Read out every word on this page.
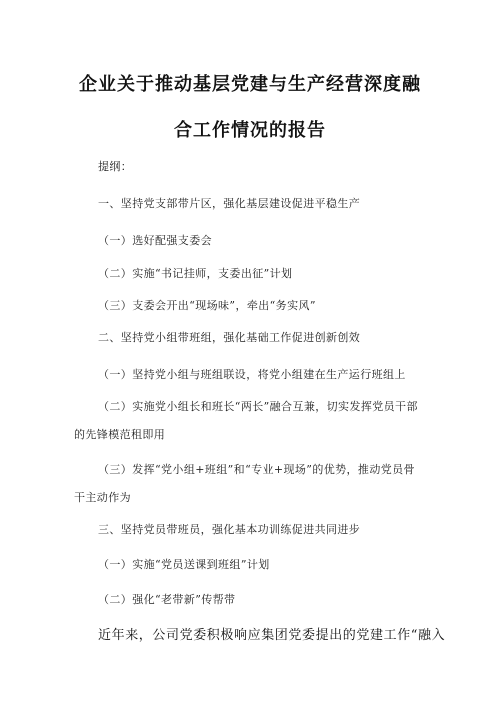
企业关于推动基层党建与生产经营深度融
合工作情况的报告
提纲：
一、坚持党支部带片区，强化基层建设促进平稳生产
（一）选好配强支委会
（二）实施“书记挂师，支委出征”计划
（三）支委会开出“现场味”，牵出“务实风”
二、坚持党小组带班组，强化基础工作促进创新创效
（一）坚持党小组与班组联设，将党小组建在生产运行班组上
（二）实施党小组长和班长“两长”融合互兼，切实发挥党员干部
的先锋模范租即用
（三）发挥“党小组+班组”和“专业+现场”的优势，推动党员骨
干主动作为
三、坚持党员带班员，强化基本功训练促进共同进步
（一）实施“党员送课到班组”计划
（二）强化“老带新”传帮带
近年来，公司党委积极响应集团党委提出的党建工作“融入
